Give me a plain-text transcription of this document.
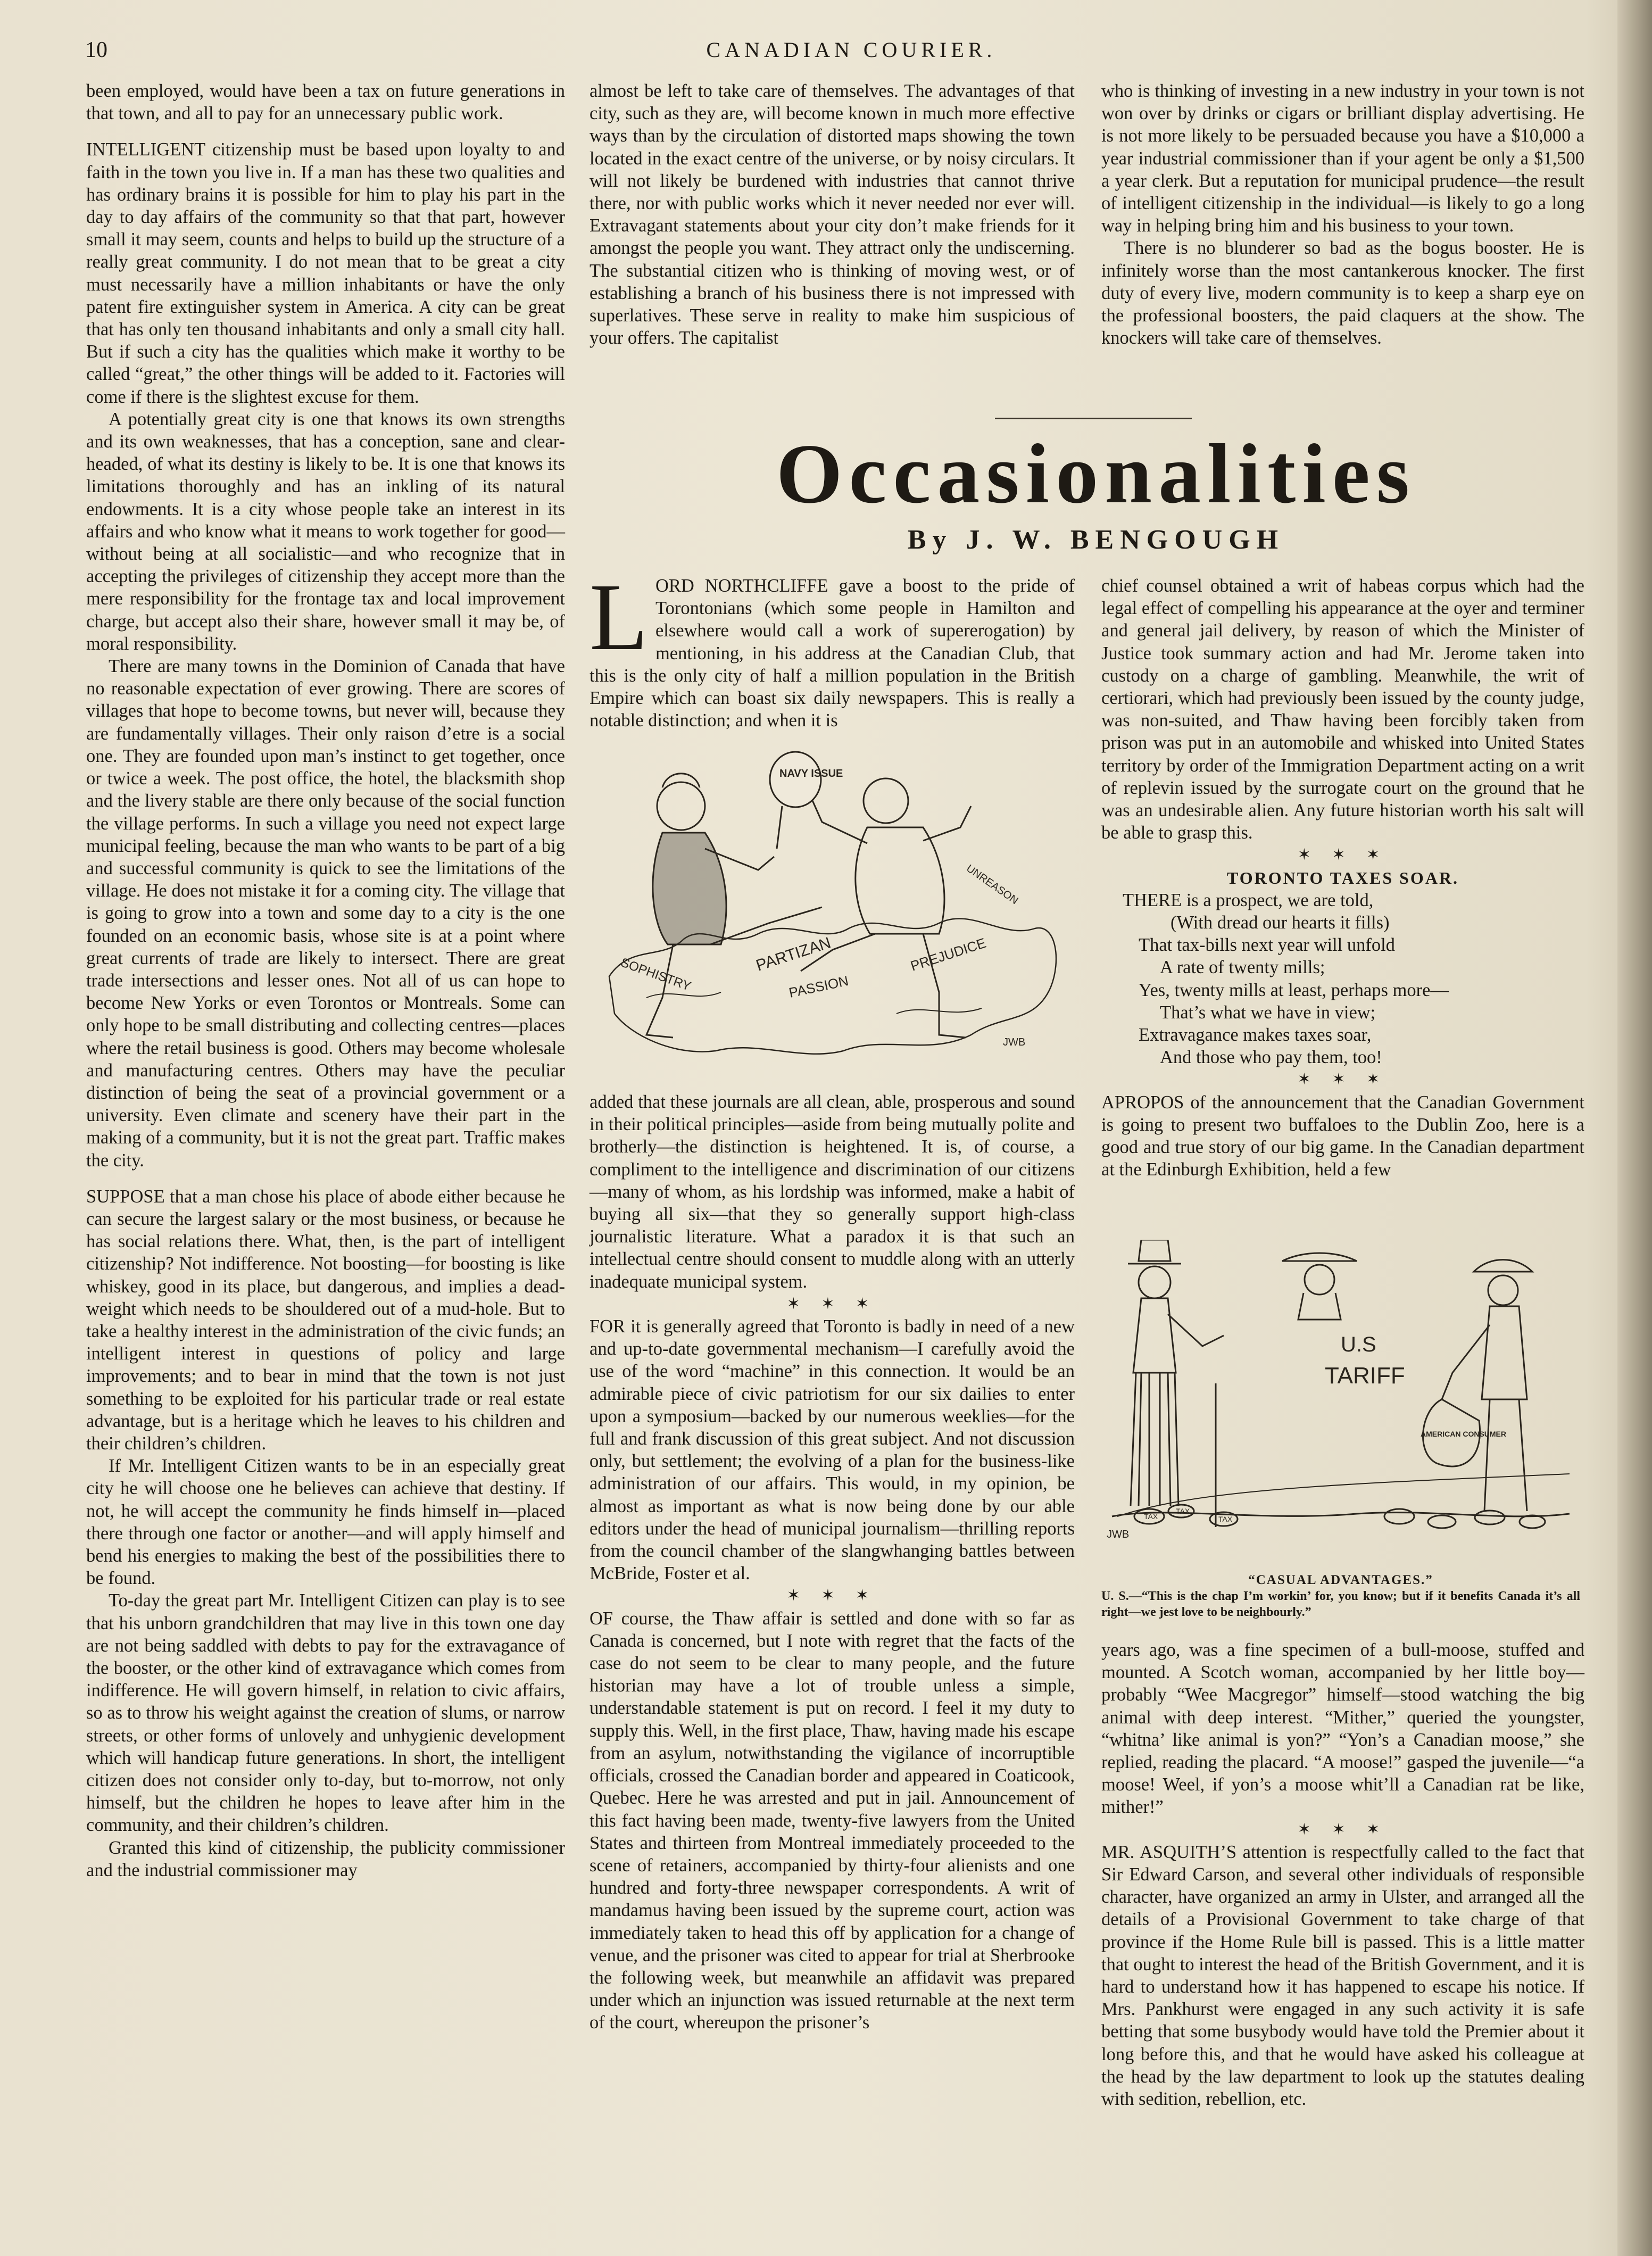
10	CANADIAN COURIER.

been employed, would have been a tax on future generations in that town, and all to pay for an unnecessary public work.

INTELLIGENT citizenship must be based upon loyalty to and faith in the town you live in. If a man has these two qualities and has ordinary brains it is possible for him to play his part in the day to day affairs of the community so that that part, however small it may seem, counts and helps to build up the structure of a really great community. I do not mean that to be great a city must necessarily have a million inhabitants or have the only patent fire extinguisher system in America. A city can be great that has only ten thousand inhabitants and only a small city hall. But if such a city has the qualities which make it worthy to be called “great,” the other things will be added to it. Factories will come if there is the slightest excuse for them.

A potentially great city is one that knows its own strengths and its own weaknesses, that has a conception, sane and clear-headed, of what its destiny is likely to be. It is one that knows its limitations thoroughly and has an inkling of its natural endowments. It is a city whose people take an interest in its affairs and who know what it means to work together for good—without being at all socialistic—and who recognize that in accepting the privileges of citizenship they accept more than the mere responsibility for the frontage tax and local improvement charge, but accept also their share, however small it may be, of moral responsibility.

There are many towns in the Dominion of Canada that have no reasonable expectation of ever growing. There are scores of villages that hope to become towns, but never will, because they are fundamentally villages. Their only raison d’etre is a social one. They are founded upon man’s instinct to get together, once or twice a week. The post office, the hotel, the blacksmith shop and the livery stable are there only because of the social function the village performs. In such a village you need not expect large municipal feeling, because the man who wants to be part of a big and successful community is quick to see the limitations of the village. He does not mistake it for a coming city. The village that is going to grow into a town and some day to a city is the one founded on an economic basis, whose site is at a point where great currents of trade are likely to intersect. There are great trade intersections and lesser ones. Not all of us can hope to become New Yorks or even Torontos or Montreals. Some can only hope to be small distributing and collecting centres—places where the retail business is good. Others may become wholesale and manufacturing centres. Others may have the peculiar distinction of being the seat of a provincial government or a university. Even climate and scenery have their part in the making of a community, but it is not the great part. Traffic makes the city.

SUPPOSE that a man chose his place of abode either because he can secure the largest salary or the most business, or because he has social relations there. What, then, is the part of intelligent citizenship? Not indifference. Not boosting—for boosting is like whiskey, good in its place, but dangerous, and implies a dead-weight which needs to be shouldered out of a mud-hole. But to take a healthy interest in the administration of the civic funds; an intelligent interest in questions of policy and large improvements; and to bear in mind that the town is not just something to be exploited for his particular trade or real estate advantage, but is a heritage which he leaves to his children and their children’s children.

If Mr. Intelligent Citizen wants to be in an especially great city he will choose one he believes can achieve that destiny. If not, he will accept the community he finds himself in—placed there through one factor or another—and will apply himself and bend his energies to making the best of the possibilities there to be found.

To-day the great part Mr. Intelligent Citizen can play is to see that his unborn grandchildren that may live in this town one day are not being saddled with debts to pay for the extravagance of the booster, or the other kind of extravagance which comes from indifference. He will govern himself, in relation to civic affairs, so as to throw his weight against the creation of slums, or narrow streets, or other forms of unlovely and unhygienic development which will handicap future generations. In short, the intelligent citizen does not consider only to-day, but to-morrow, not only himself, but the children he hopes to leave after him in the community, and their children’s children.

Granted this kind of citizenship, the publicity commissioner and the industrial commissioner may

almost be left to take care of themselves. The advantages of that city, such as they are, will become known in much more effective ways than by the circulation of distorted maps showing the town located in the exact centre of the universe, or by noisy circulars. It will not likely be burdened with industries that cannot thrive there, nor with public works which it never needed nor ever will. Extravagant statements about your city don’t make friends for it amongst the people you want. They attract only the undiscerning. The substantial citizen who is thinking of moving west, or of establishing a branch of his business there is not impressed with superlatives. These serve in reality to make him suspicious of your offers. The capitalist

who is thinking of investing in a new industry in your town is not won over by drinks or cigars or brilliant display advertising. He is not more likely to be persuaded because you have a $10,000 a year industrial commissioner than if your agent be only a $1,500 a year clerk. But a reputation for municipal prudence—the result of intelligent citizenship in the individual—is likely to go a long way in helping bring him and his business to your town.

There is no blunderer so bad as the bogus booster. He is infinitely worse than the most cantankerous knocker. The first duty of every live, modern community is to keep a sharp eye on the professional boosters, the paid claquers at the show. The knockers will take care of themselves.

Occasionalities
By J. W. BENGOUGH

LORD NORTHCLIFFE gave a boost to the pride of Torontonians (which some people in Hamilton and elsewhere would call a work of supererogation) by mentioning, in his address at the Canadian Club, that this is the only city of half a million population in the British Empire which can boast six daily newspapers. This is really a notable distinction; and when it is

NAVY ISSUE
UNREASON
PARTIZAN
PASSION
PREJUDICE
SOPHISTRY
JWB

added that these journals are all clean, able, prosperous and sound in their political principles—aside from being mutually polite and brotherly—the distinction is heightened. It is, of course, a compliment to the intelligence and discrimination of our citizens—many of whom, as his lordship was informed, make a habit of buying all six—that they so generally support high-class journalistic literature. What a paradox it is that such an intellectual centre should consent to muddle along with an utterly inadequate municipal system.

✶ ✶ ✶

FOR it is generally agreed that Toronto is badly in need of a new and up-to-date governmental mechanism—I carefully avoid the use of the word “machine” in this connection. It would be an admirable piece of civic patriotism for our six dailies to enter upon a symposium—backed by our numerous weeklies—for the full and frank discussion of this great subject. And not discussion only, but settlement; the evolving of a plan for the business-like administration of our affairs. This would, in my opinion, be almost as important as what is now being done by our able editors under the head of municipal journalism—thrilling reports from the council chamber of the slangwhanging battles between McBride, Foster et al.

✶ ✶ ✶

OF course, the Thaw affair is settled and done with so far as Canada is concerned, but I note with regret that the facts of the case do not seem to be clear to many people, and the future historian may have a lot of trouble unless a simple, understandable statement is put on record. I feel it my duty to supply this. Well, in the first place, Thaw, having made his escape from an asylum, notwithstanding the vigilance of incorruptible officials, crossed the Canadian border and appeared in Coaticook, Quebec. Here he was arrested and put in jail. Announcement of this fact having been made, twenty-five lawyers from the United States and thirteen from Montreal immediately proceeded to the scene of retainers, accompanied by thirty-four alienists and one hundred and forty-three newspaper correspondents. A writ of mandamus having been issued by the supreme court, action was immediately taken to head this off by application for a change of venue, and the prisoner was cited to appear for trial at Sherbrooke the following week, but meanwhile an affidavit was prepared under which an injunction was issued returnable at the next term of the court, whereupon the prisoner’s

chief counsel obtained a writ of habeas corpus which had the legal effect of compelling his appearance at the oyer and terminer and general jail delivery, by reason of which the Minister of Justice took summary action and had Mr. Jerome taken into custody on a charge of gambling. Meanwhile, the writ of certiorari, which had previously been issued by the county judge, was non-suited, and Thaw having been forcibly taken from prison was put in an automobile and whisked into United States territory by order of the Immigration Department acting on a writ of replevin issued by the surrogate court on the ground that he was an undesirable alien. Any future historian worth his salt will be able to grasp this.

✶ ✶ ✶

TORONTO TAXES SOAR.

THERE is a prospect, we are told,

(With dread our hearts it fills)

That tax-bills next year will unfold

A rate of twenty mills;

Yes, twenty mills at least, perhaps more—

That’s what we have in view;

Extravagance makes taxes soar,

And those who pay them, too!

✶ ✶ ✶

APROPOS of the announcement that the Canadian Government is going to present two buffaloes to the Dublin Zoo, here is a good and true story of our big game. In the Canadian department at the Edinburgh Exhibition, held a few

U.S
TARIFF
AMERICAN CONSUMER
TAX
TAX
TAX
JWB
“CASUAL ADVANTAGES.”
U. S.—“This is the chap I’m workin’ for, you know; but if it benefits Canada it’s all right—we jest love to be neighbourly.”

years ago, was a fine specimen of a bull-moose, stuffed and mounted. A Scotch woman, accompanied by her little boy—probably “Wee Macgregor” himself—stood watching the big animal with deep interest. “Mither,” queried the youngster, “whitna’ like animal is yon?” “Yon’s a Canadian moose,” she replied, reading the placard. “A moose!” gasped the juvenile—“a moose! Weel, if yon’s a moose whit’ll a Canadian rat be like, mither!”

✶ ✶ ✶

MR. ASQUITH’S attention is respectfully called to the fact that Sir Edward Carson, and several other individuals of responsible character, have organized an army in Ulster, and arranged all the details of a Provisional Government to take charge of that province if the Home Rule bill is passed. This is a little matter that ought to interest the head of the British Government, and it is hard to understand how it has happened to escape his notice. If Mrs. Pankhurst were engaged in any such activity it is safe betting that some busybody would have told the Premier about it long before this, and that he would have asked his colleague at the head by the law department to look up the statutes dealing with sedition, rebellion, etc.
